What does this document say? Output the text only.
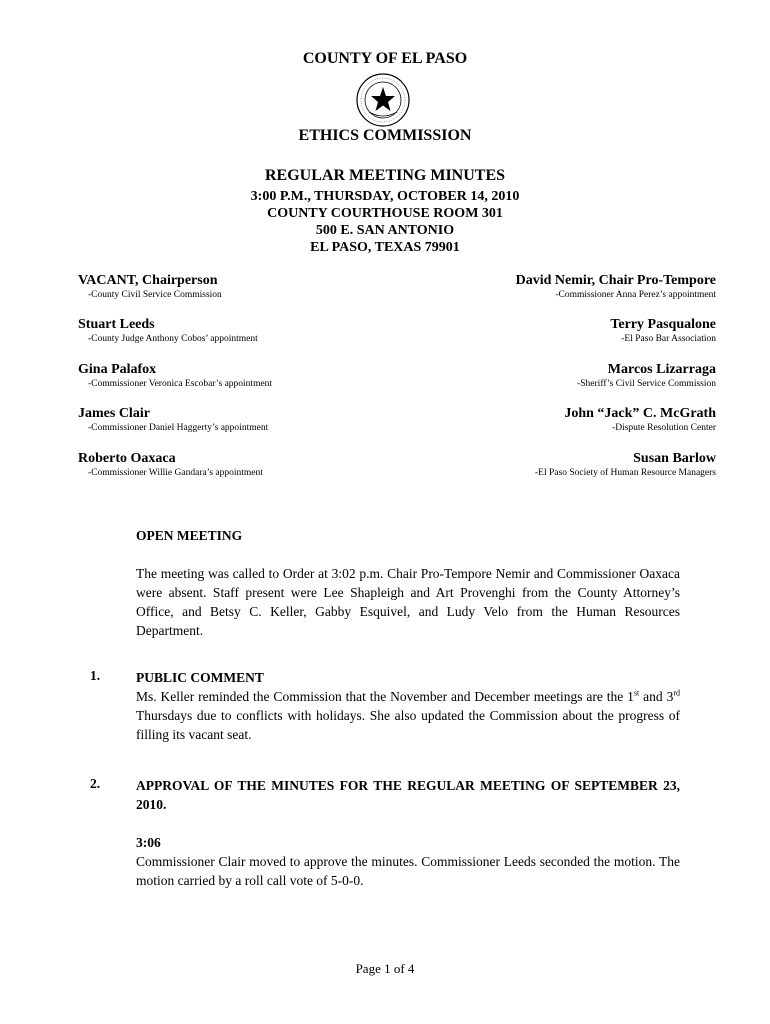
COUNTY OF EL PASO
ETHICS COMMISSION
REGULAR MEETING MINUTES
3:00 P.M., THURSDAY, OCTOBER 14, 2010
COUNTY COURTHOUSE ROOM 301
500 E. SAN ANTONIO
EL PASO, TEXAS 79901
VACANT, Chairperson
-County Civil Service Commission
Stuart Leeds
-County Judge Anthony Cobos’ appointment
Gina Palafox
-Commissioner Veronica Escobar’s appointment
James Clair
-Commissioner Daniel Haggerty’s appointment
Roberto Oaxaca
-Commissioner Willie Gandara’s appointment
David Nemir, Chair Pro-Tempore
-Commissioner Anna Perez’s appointment
Terry Pasqualone
-El Paso Bar Association
Marcos Lizarraga
-Sheriff’s Civil Service Commission
John “Jack” C. McGrath
-Dispute Resolution Center
Susan Barlow
-El Paso Society of Human Resource Managers
OPEN MEETING
The meeting was called to Order at 3:02 p.m. Chair Pro-Tempore Nemir and Commissioner Oaxaca were absent. Staff present were Lee Shapleigh and Art Provenghi from the County Attorney’s Office, and Betsy C. Keller, Gabby Esquivel, and Ludy Velo from the Human Resources Department.
1.	PUBLIC COMMENT
Ms. Keller reminded the Commission that the November and December meetings are the 1st and 3rd Thursdays due to conflicts with holidays. She also updated the Commission about the progress of filling its vacant seat.
2.	APPROVAL OF THE MINUTES FOR THE REGULAR MEETING OF SEPTEMBER 23, 2010.
3:06
Commissioner Clair moved to approve the minutes. Commissioner Leeds seconded the motion. The motion carried by a roll call vote of 5-0-0.
Page 1 of 4
